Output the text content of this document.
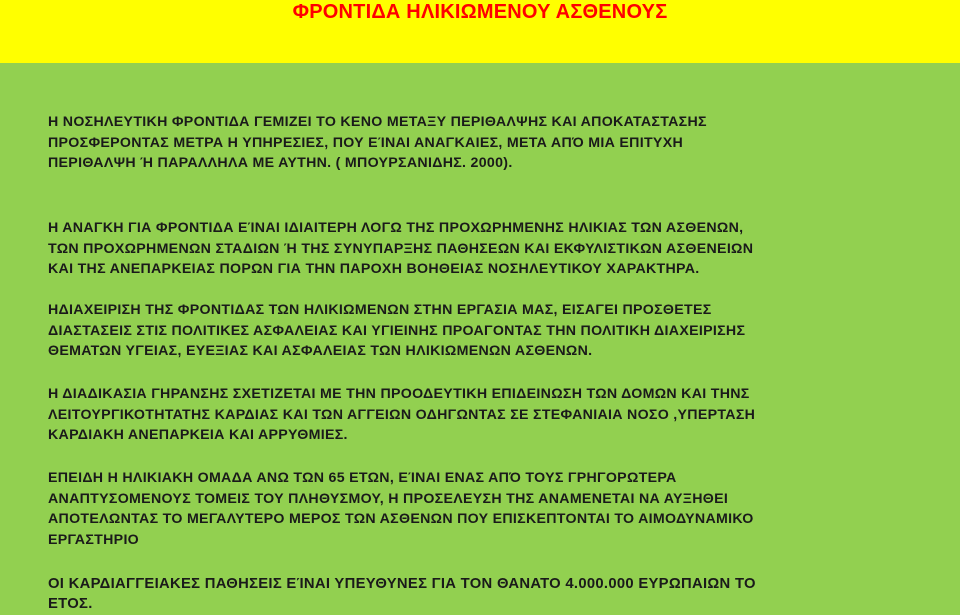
ΦΡΟΝΤΙΔΑ ΗΛΙΚΙΩΜΕΝΟΥ ΑΣΘΕΝΟΥΣ
Η ΝΟΣΗΛΕΥΤΙΚΗ ΦΡΟΝΤΙΔΑ ΓΕΜΙΖΕΙ ΤΟ ΚΕΝΟ ΜΕΤΑΞΥ ΠΕΡΙΘΑΛΨΗΣ ΚΑΙ ΑΠΟΚΑΤΑΣΤΑΣΗΣ
ΠΡΟΣΦΕΡΟΝΤΑΣ ΜΕΤΡΑ Η ΥΠΗΡΕΣΙΕΣ, ΠΟΥ ΕΊΝΑΙ ΑΝΑΓΚΑΙΕΣ, ΜΕΤΑ ΑΠΌ ΜΙΑ ΕΠΙΤΥΧΗ
ΠΕΡΙΘΑΛΨΗ Ή ΠΑΡΑΛΛΗΛΑ ΜΕ ΑΥΤΗΝ. ( ΜΠΟΥΡΣΑΝΙΔΗΣ. 2000).
Η ΑΝΑΓΚΗ ΓΙΑ ΦΡΟΝΤΙΔΑ ΕΊΝΑΙ ΙΔΙΑΙΤΕΡΗ ΛΟΓΩ ΤΗΣ ΠΡΟΧΩΡΗΜΕΝΗΣ ΗΛΙΚΙΑΣ ΤΩΝ ΑΣΘΕΝΩΝ,
ΤΩΝ ΠΡΟΧΩΡΗΜΕΝΩΝ ΣΤΑΔΙΩΝ Ή ΤΗΣ ΣΥΝΥΠΑΡΞΗΣ ΠΑΘΗΣΕΩΝ ΚΑΙ ΕΚΦΥΛΙΣΤΙΚΩΝ ΑΣΘΕΝΕΙΩΝ
ΚΑΙ ΤΗΣ ΑΝΕΠΑΡΚΕΙΑΣ ΠΟΡΩΝ ΓΙΑ ΤΗΝ ΠΑΡΟΧΗ ΒΟΗΘΕΙΑΣ ΝΟΣΗΛΕΥΤΙΚΟΥ ΧΑΡΑΚΤΗΡΑ.
ΗΔΙΑΧΕΙΡΙΣΗ ΤΗΣ ΦΡΟΝΤΙΔΑΣ ΤΩΝ ΗΛΙΚΙΩΜΕΝΩΝ ΣΤΗΝ ΕΡΓΑΣΙΑ ΜΑΣ, ΕΙΣΑΓΕΙ ΠΡΟΣΘΕΤΕΣ
ΔΙΑΣΤΑΣΕΙΣ ΣΤΙΣ ΠΟΛΙΤΙΚΕΣ ΑΣΦΑΛΕΙΑΣ ΚΑΙ ΥΓΙΕΙΝΗΣ ΠΡΟΑΓΟΝΤΑΣ ΤΗΝ ΠΟΛΙΤΙΚΗ ΔΙΑΧΕΙΡΙΣΗΣ
ΘΕΜΑΤΩΝ ΥΓΕΙΑΣ, ΕΥΕΞΙΑΣ ΚΑΙ ΑΣΦΑΛΕΙΑΣ ΤΩΝ ΗΛΙΚΙΩΜΕΝΩΝ ΑΣΘΕΝΩΝ.
Η ΔΙΑΔΙΚΑΣΙΑ ΓΗΡΑΝΣΗΣ ΣΧΕΤΙΖΕΤΑΙ ΜΕ ΤΗΝ ΠΡΟΟΔΕΥΤΙΚΗ ΕΠΙΔΕΙΝΩΣΗ ΤΩΝ ΔΟΜΩΝ ΚΑΙ ΤΗΝΣ
ΛΕΙΤΟΥΡΓΙΚΟΤΗΤΑΤΗΣ ΚΑΡΔΙΑΣ ΚΑΙ ΤΩΝ ΑΓΓΕΙΩΝ ΟΔΗΓΩΝΤΑΣ ΣΕ ΣΤΕΦΑΝΙΑΙΑ ΝΟΣΟ ,ΥΠΕΡΤΑΣΗ
ΚΑΡΔΙΑΚΗ ΑΝΕΠΑΡΚΕΙΑ ΚΑΙ ΑΡΡΥΘΜΙΕΣ.
ΕΠΕΙΔΗ Η ΗΛΙΚΙΑΚΗ ΟΜΑΔΑ ΑΝΩ ΤΩΝ 65 ΕΤΩΝ, ΕΊΝΑΙ ΕΝΑΣ ΑΠΌ ΤΟΥΣ ΓΡΗΓΟΡΩΤΕΡΑ
ΑΝΑΠΤΥΣΟΜΕΝΟΥΣ ΤΟΜΕΙΣ ΤΟΥ ΠΛΗΘΥΣΜΟΥ, Η ΠΡΟΣΕΛΕΥΣΗ ΤΗΣ ΑΝΑΜΕΝΕΤΑΙ ΝΑ ΑΥΞΗΘΕΙ
ΑΠΟΤΕΛΩΝΤΑΣ ΤΟ ΜΕΓΑΛΥΤΕΡΟ ΜΕΡΟΣ ΤΩΝ ΑΣΘΕΝΩΝ ΠΟΥ ΕΠΙΣΚΕΠΤΟΝΤΑΙ ΤΟ ΑΙΜΟΔΥΝΑΜΙΚΟ
ΕΡΓΑΣΤΗΡΙΟ
ΟΙ ΚΑΡΔΙΑΓΓΕΙΑΚΕΣ ΠΑΘΗΣΕΙΣ ΕΊΝΑΙ ΥΠΕΥΘΥΝΕΣ ΓΙΑ ΤΟΝ ΘΑΝΑΤΟ 4.000.000 ΕΥΡΩΠΑΙΩΝ ΤΟ
ΕΤΟΣ.
